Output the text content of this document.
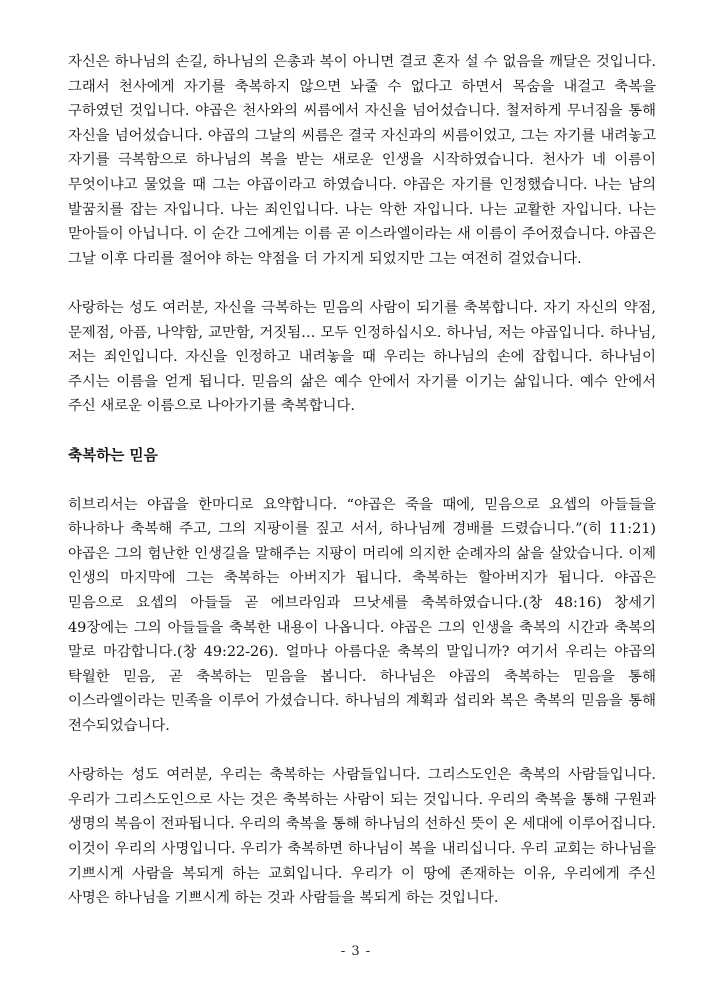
자신은 하나님의 손길, 하나님의 은총과 복이 아니면 결코 혼자 설 수 없음을 깨달은 것입니다. 그래서 천사에게 자기를 축복하지 않으면 놔줄 수 없다고 하면서 목숨을 내걸고 축복을 구하였던 것입니다. 야곱은 천사와의 씨름에서 자신을 넘어섰습니다. 철저하게 무너짐을 통해 자신을 넘어섰습니다. 야곱의 그날의 씨름은 결국 자신과의 씨름이었고, 그는 자기를 내려놓고 자기를 극복함으로 하나님의 복을 받는 새로운 인생을 시작하였습니다. 천사가 네 이름이 무엇이냐고 물었을 때 그는 야곱이라고 하였습니다. 야곱은 자기를 인정했습니다. 나는 남의 발꿈치를 잡는 자입니다. 나는 죄인입니다. 나는 악한 자입니다. 나는 교활한 자입니다. 나는 맏아들이 아닙니다. 이 순간 그에게는 이름 곧 이스라엘이라는 새 이름이 주어졌습니다. 야곱은 그날 이후 다리를 절어야 하는 약점을 더 가지게 되었지만 그는 여전히 걸었습니다.

사랑하는 성도 여러분, 자신을 극복하는 믿음의 사람이 되기를 축복합니다. 자기 자신의 약점, 문제점, 아픔, 나약함, 교만함, 거짓됨… 모두 인정하십시오. 하나님, 저는 야곱입니다. 하나님, 저는 죄인입니다. 자신을 인정하고 내려놓을 때 우리는 하나님의 손에 잡힙니다. 하나님이 주시는 이름을 얻게 됩니다. 믿음의 삶은 예수 안에서 자기를 이기는 삶입니다. 예수 안에서 주신 새로운 이름으로 나아가기를 축복합니다.

축복하는 믿음

히브리서는 야곱을 한마디로 요약합니다. “야곱은 죽을 때에, 믿음으로 요셉의 아들들을 하나하나 축복해 주고, 그의 지팡이를 짚고 서서, 하나님께 경배를 드렸습니다.”(히 11:21) 야곱은 그의 험난한 인생길을 말해주는 지팡이 머리에 의지한 순례자의 삶을 살았습니다. 이제 인생의 마지막에 그는 축복하는 아버지가 됩니다. 축복하는 할아버지가 됩니다. 야곱은 믿음으로 요셉의 아들들 곧 에브라임과 므낫세를 축복하였습니다.(창 48:16) 창세기 49장에는 그의 아들들을 축복한 내용이 나옵니다. 야곱은 그의 인생을 축복의 시간과 축복의 말로 마감합니다.(창 49:22-26). 얼마나 아름다운 축복의 말입니까? 여기서 우리는 야곱의 탁월한 믿음, 곧 축복하는 믿음을 봅니다. 하나님은 야곱의 축복하는 믿음을 통해 이스라엘이라는 민족을 이루어 가셨습니다. 하나님의 계획과 섭리와 복은 축복의 믿음을 통해 전수되었습니다.

사랑하는 성도 여러분, 우리는 축복하는 사람들입니다. 그리스도인은 축복의 사람들입니다. 우리가 그리스도인으로 사는 것은 축복하는 사람이 되는 것입니다. 우리의 축복을 통해 구원과 생명의 복음이 전파됩니다. 우리의 축복을 통해 하나님의 선하신 뜻이 온 세대에 이루어집니다. 이것이 우리의 사명입니다. 우리가 축복하면 하나님이 복을 내리십니다. 우리 교회는 하나님을 기쁘시게 사람을 복되게 하는 교회입니다. 우리가 이 땅에 존재하는 이유, 우리에게 주신 사명은 하나님을 기쁘시게 하는 것과 사람들을 복되게 하는 것입니다.

- 3 -
